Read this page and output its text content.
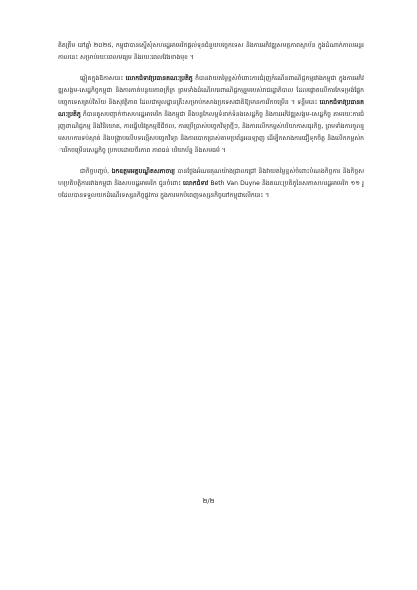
គិតត្រឹម នៅឆ្នាំ ២០២៥, កម្ពុជាបានស្នើសុំសហរដ្ឋអាមេរិកផ្តល់ទុនជំនួយបច្ចេកទេស និងការអភិវឌ្ឍសមត្ថភាពស្ថាប័ន ក្នុងដំណាក់កាលអន្តរកាលនេះ សម្រាប់រយៈពេលមធ្យម និងរយៈពេលវែងខាងមុខ ។

ឆ្លៀតក្នុងឱកាសនេះ លោកជំទាវប្រធានគណៈប្រតិភូ ក៏បានវាយតម្លៃខ្ពស់ចំពោះការជំរុញកំណើនពាណិជ្ជកម្មរវាងកម្ពុជា ក្នុងការអភិវឌ្ឍសង្គម-សេដ្ឋកិច្ចកម្ពុជា និងការកាត់បន្ថយភាពក្រីក្រ ព្រមទាំងដំណើរបរេពាណិជ្ជកម្មរួមរបស់រាជរដ្ឋាភិបាល ដែលផ្តោតលើការកែទម្រង់ផ្នែកបច្ចេកទេសគ្រប់វិស័យ និងសុវត្ថិភាព ដែលជាមូលដ្ឋានគ្រឹះសម្រាប់កសាងប្រទេសជាតិឱ្យមានការរីកចម្រើន ។ ទន្ទឹមនេះ លោកជំទាវប្រធានគណៈប្រតិភូ ក៏បានគូសបញ្ជាក់ថាសហរដ្ឋអាមេរិក និងកម្ពុជា នឹងបន្តកែលម្អទំនាក់ទំនងសេដ្ឋកិច្ច និងការអភិវឌ្ឍសង្គម-សេដ្ឋកិច្ច តាមរយៈការជំរុញពាណិជ្ជកម្ម និងវិនិយោគ, ការធ្វើបរិវត្តកម្មឌីជីថល, ការប្រើប្រាស់បច្ចេកវិទ្យាថ្មីៗ, និងការលើកកម្ពស់បរិយាកាសធុរកិច្ច, ព្រមទាំងការចូលរួមសហការទប់ស្កាត់ និងបង្ក្រាបលើបទល្មើសបច្ចេកវិទ្យា និងការបោកប្រាស់តាមប្រព័ន្ធអនឡាញ ដើម្បីកសាងការជឿទុកចិត្ត និងលើកកម្ពស់ការរីកចម្រើនសេដ្ឋកិច្ច ប្រកបដោយចីរភាព ភាពធន់ បរិយាប័ន្ន និងសមធម៌ ។

ជាកិច្ចបញ្ចប់, ឯកឧត្តមអគ្គបណ្ឌិតសភាចារ្យ បានថ្លែងអំណរគុណយ៉ាងជ្រាលជ្រៅ និងវាយតម្លៃខ្ពស់ចំពោះបំណងកិច្ចការ និងកិច្ចសហប្រតិបត្តិការរវាងកម្ពុជា និងសហរដ្ឋអាមេរិក ជូនចំពោះ លោកជំទាវ Beth Van Duyne និងគណៈប្រតិភូនៃសភាសហរដ្ឋអាមេរិក ១១ រូបដែលបានទទួលយកដំណើរទស្សនកិច្ចផ្លូវការ ក្នុងការមកបំពេញទស្សនកិច្ចនៅកម្ពុជាលើកនេះ ។

២/២
